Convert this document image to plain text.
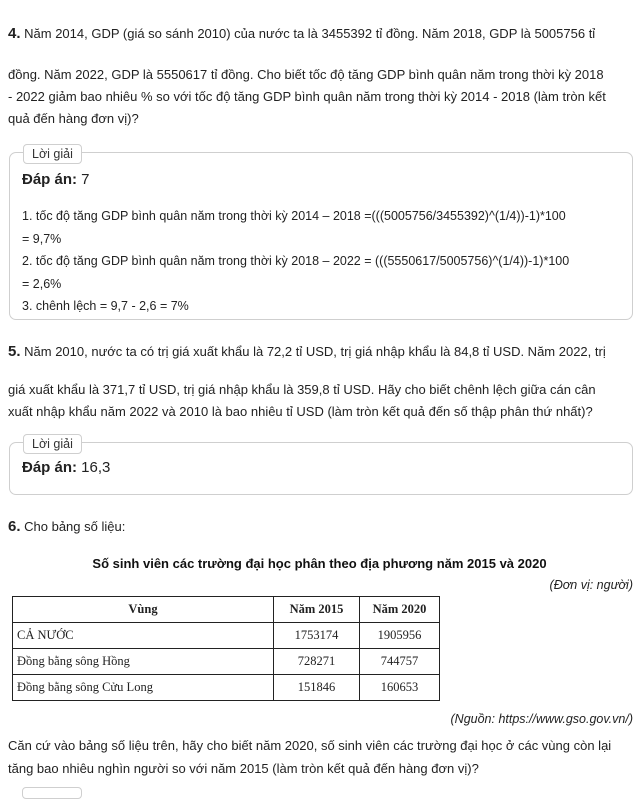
4. Năm 2014, GDP (giá so sánh 2010) của nước ta là 3455392 tỉ đồng. Năm 2018, GDP là 5005756 tỉ
đồng. Năm 2022, GDP là 5550617 tỉ đồng. Cho biết tốc độ tăng GDP bình quân năm trong thời kỳ 2018
- 2022 giảm bao nhiêu % so với tốc độ tăng GDP bình quân năm trong thời kỳ 2014 - 2018 (làm tròn kết
quả đến hàng đơn vị)?
Lời giải
Đáp án: 7
1. tốc độ tăng GDP bình quân năm trong thời kỳ 2014 – 2018 =(((5005756/3455392)^(1/4))-1)*100
= 9,7%
2. tốc độ tăng GDP bình quân năm trong thời kỳ 2018 – 2022 = (((5550617/5005756)^(1/4))-1)*100
= 2,6%
3. chênh lệch = 9,7 - 2,6 = 7%
5. Năm 2010, nước ta có trị giá xuất khẩu là 72,2 tỉ USD, trị giá nhập khẩu là 84,8 tỉ USD. Năm 2022, trị
giá xuất khẩu là 371,7 tỉ USD, trị giá nhập khẩu là 359,8 tỉ USD. Hãy cho biết chênh lệch giữa cán cân
xuất nhập khẩu năm 2022 và 2010 là bao nhiêu tỉ USD (làm tròn kết quả đến số thập phân thứ nhất)?
Lời giải
Đáp án: 16,3
6. Cho bảng số liệu:
Số sinh viên các trường đại học phân theo địa phương năm 2015 và 2020
(Đơn vị: người)
Vùng	Năm 2015	Năm 2020
CẢ NƯỚC	1753174	1905956
Đồng bằng sông Hồng	728271	744757
Đồng bằng sông Cửu Long	151846	160653
(Nguồn: https://www.gso.gov.vn/)
Căn cứ vào bảng số liệu trên, hãy cho biết năm 2020, số sinh viên các trường đại học ở các vùng còn lại
tăng bao nhiêu nghìn người so với năm 2015 (làm tròn kết quả đến hàng đơn vị)?
